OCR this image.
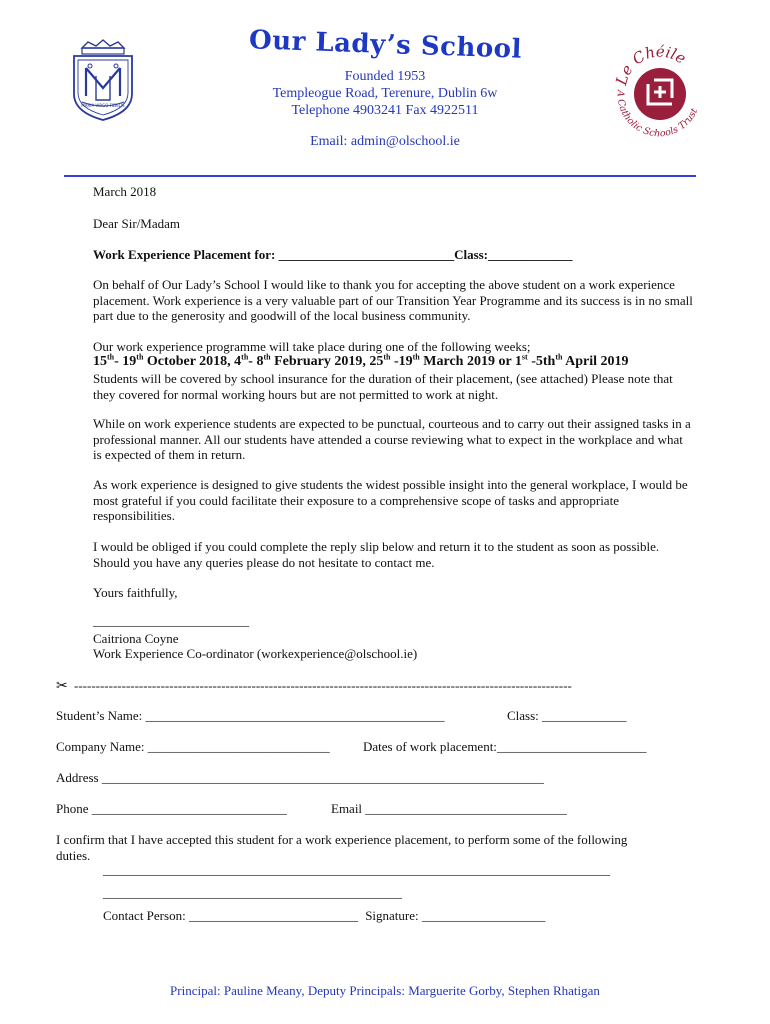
MARIA VIRGO FIDELIS
Our Lady’s School
Founded 1953
Templeogue Road, Terenure, Dublin 6w
Telephone 4903241 Fax 4922511
Email: admin@olschool.ie
Le Chéile
A Catholic Schools Trust
March 2018
Dear Sir/Madam
Work Experience Placement for: ___________________________Class:_____________
On behalf of Our Lady’s School I would like to thank you for accepting the above student on a work experience placement. Work experience is a very valuable part of our Transition Year Programme and its success is in no small part due to the generosity and goodwill of the local business community.
Our work experience programme will take place during one of the following weeks;
15th- 19th October 2018, 4th- 8th February 2019, 25th -19th March 2019 or 1st $-5th^{th}$ April 2019
Students will be covered by school insurance for the duration of their placement, (see attached) Please note that they covered for normal working hours but are not permitted to work at night.
While on work experience students are expected to be punctual, courteous and to carry out their assigned tasks in a professional manner. All our students have attended a course reviewing what to expect in the workplace and what is expected of them in return.
As work experience is designed to give students the widest possible insight into the general workplace, I would be most grateful if you could facilitate their exposure to a comprehensive scope of tasks and appropriate responsibilities.
I would be obliged if you could complete the reply slip below and return it to the student as soon as possible. Should you have any queries please do not hesitate to contact me.
Yours faithfully,
________________________
Caitriona Coyne
Work Experience Co-ordinator (workexperience@olschool.ie)
✂ -------------------------------------------------------------------------------------------------------------------
Student’s Name: ______________________________________________	Class: _____________
Company Name: ____________________________	Dates of work placement:_______________________
Address ____________________________________________________________________
Phone ______________________________	Email _______________________________
I confirm that I have accepted this student for a work experience placement, to perform some of the following duties.
______________________________________________________________________________
______________________________________________
Contact Person: __________________________ Signature: ___________________
Principal: Pauline Meany, Deputy Principals: Marguerite Gorby, Stephen Rhatigan
